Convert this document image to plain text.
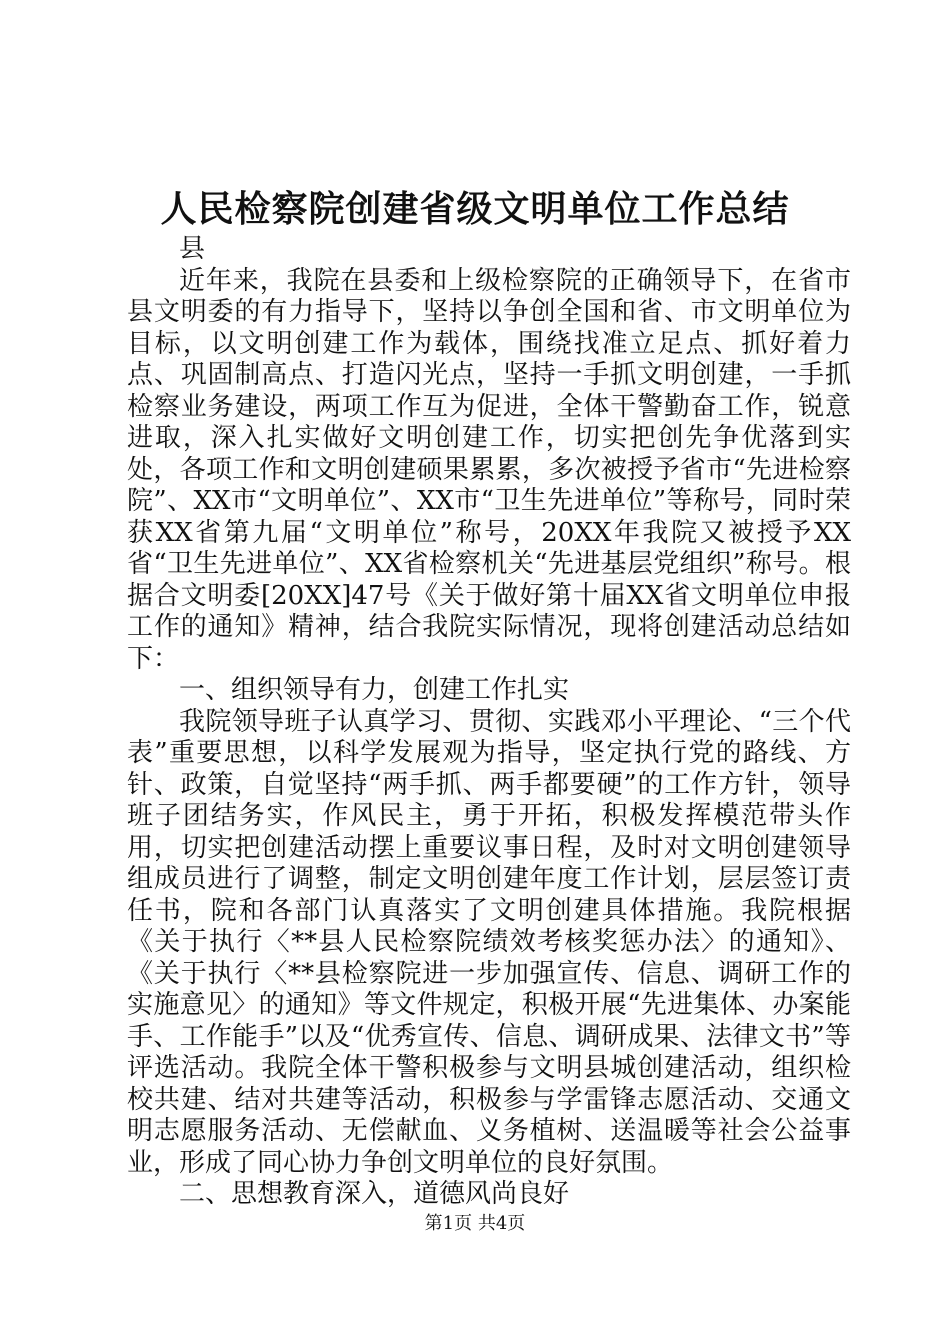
人民检察院创建省级文明单位工作总结

县

近年来，我院在县委和上级检察院的正确领导下，在省市县文明委的有力指导下，坚持以争创全国和省、市文明单位为目标，以文明创建工作为载体，围绕找准立足点、抓好着力点、巩固制高点、打造闪光点，坚持一手抓文明创建，一手抓检察业务建设，两项工作互为促进，全体干警勤奋工作，锐意进取，深入扎实做好文明创建工作，切实把创先争优落到实处，各项工作和文明创建硕果累累，多次被授予省市“先进检察院”、XX市“文明单位”、XX市“卫生先进单位”等称号，同时荣获XX省第九届“文明单位”称号，20XX年我院又被授予XX省“卫生先进单位”、XX省检察机关“先进基层党组织”称号。根据合文明委[20XX]47号《关于做好第十届XX省文明单位申报工作的通知》精神，结合我院实际情况，现将创建活动总结如下：

一、组织领导有力，创建工作扎实

我院领导班子认真学习、贯彻、实践邓小平理论、“三个代表”重要思想，以科学发展观为指导，坚定执行党的路线、方针、政策，自觉坚持“两手抓、两手都要硬”的工作方针，领导班子团结务实，作风民主，勇于开拓，积极发挥模范带头作用，切实把创建活动摆上重要议事日程，及时对文明创建领导组成员进行了调整，制定文明创建年度工作计划，层层签订责任书，院和各部门认真落实了文明创建具体措施。我院根据《关于执行〈**县人民检察院绩效考核奖惩办法〉的通知》、《关于执行〈**县检察院进一步加强宣传、信息、调研工作的实施意见〉的通知》等文件规定，积极开展“先进集体、办案能手、工作能手”以及“优秀宣传、信息、调研成果、法律文书”等评选活动。我院全体干警积极参与文明县城创建活动，组织检校共建、结对共建等活动，积极参与学雷锋志愿活动、交通文明志愿服务活动、无偿献血、义务植树、送温暖等社会公益事业，形成了同心协力争创文明单位的良好氛围。

二、思想教育深入，道德风尚良好

第1页 共4页
